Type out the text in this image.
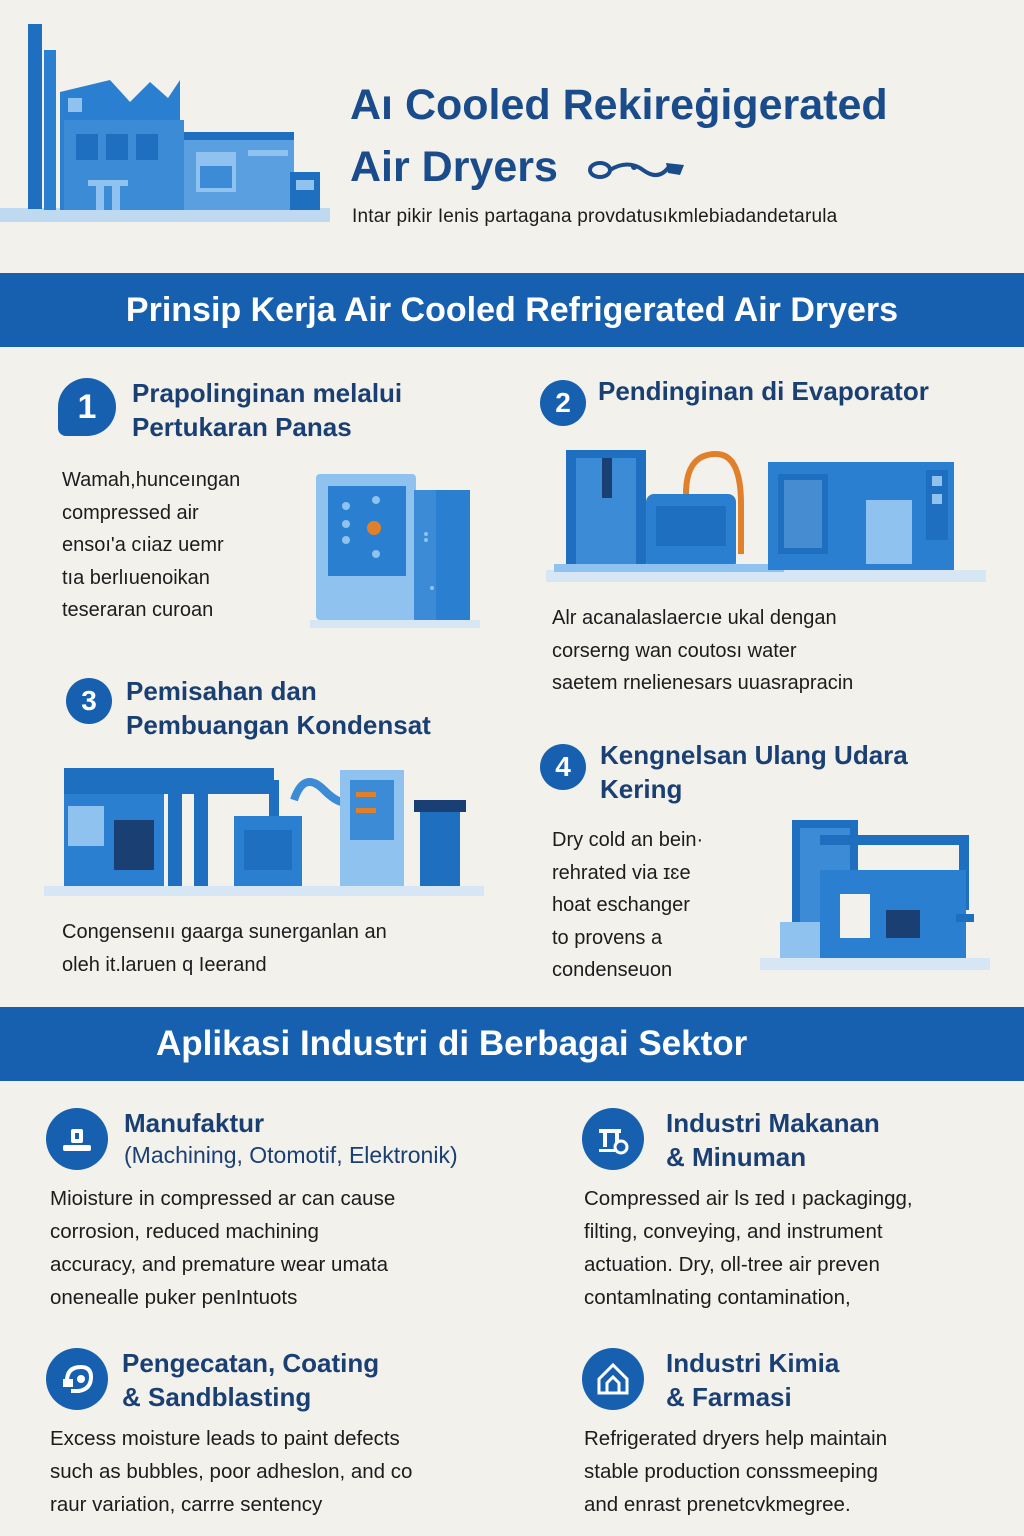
Aı Cooled Rekireġigerated
Air Dryers
Intar pikir Ienis partagana provdatusıkmlebiadandetarula
Prinsip Kerja Air Cooled Refrigerated Air Dryers
1	Prapolinginan melalui
Pertukaran Panas
Wamah,hunceıngan
compressed air
ensoı'a cıiaz uemr
tıa berlıuenoikan
teseraran curoan
2	Pendinginan di Evaporator
Alr acanalaslaercıe ukal dengan
corserng wan coutosı water
saetem rnelienesars uuasrapracin
3	Pemisahan dan
Pembuangan Kondensat
Congensenıı gaarga sunerganlan an
oleh it.laruen q Ieerand
4	Kengnelsan Ulang Udara
Kering
Dry cold an bein·
rehrated via ɪɛe
hoat eschanger
to provens a
condenseuon
Aplikasi Industri di Berbagai Sektor
Manufaktur
(Machining, Otomotif, Elektronik)
Mioisture in compressed ar can cause
corrosion, reduced machining
accuracy, and premature wear umata
onenealle puker penIntuots
Industri Makanan
& Minuman
Compressed air ls ɪed ı packagingg,
filting, conveying, and instrument
actuation. Dry, oll-tree air preven
contamlnating contamination,
Pengecatan, Coating
& Sandblasting
Excess moisture leads to paint defects
such as bubbles, poor adheslon, and co
raur variation, carrre sentency
Industri Kimia
& Farmasi
Refrigerated dryers help maintain
stable production conssmeeping
and enrast prenetcvkmegree.
